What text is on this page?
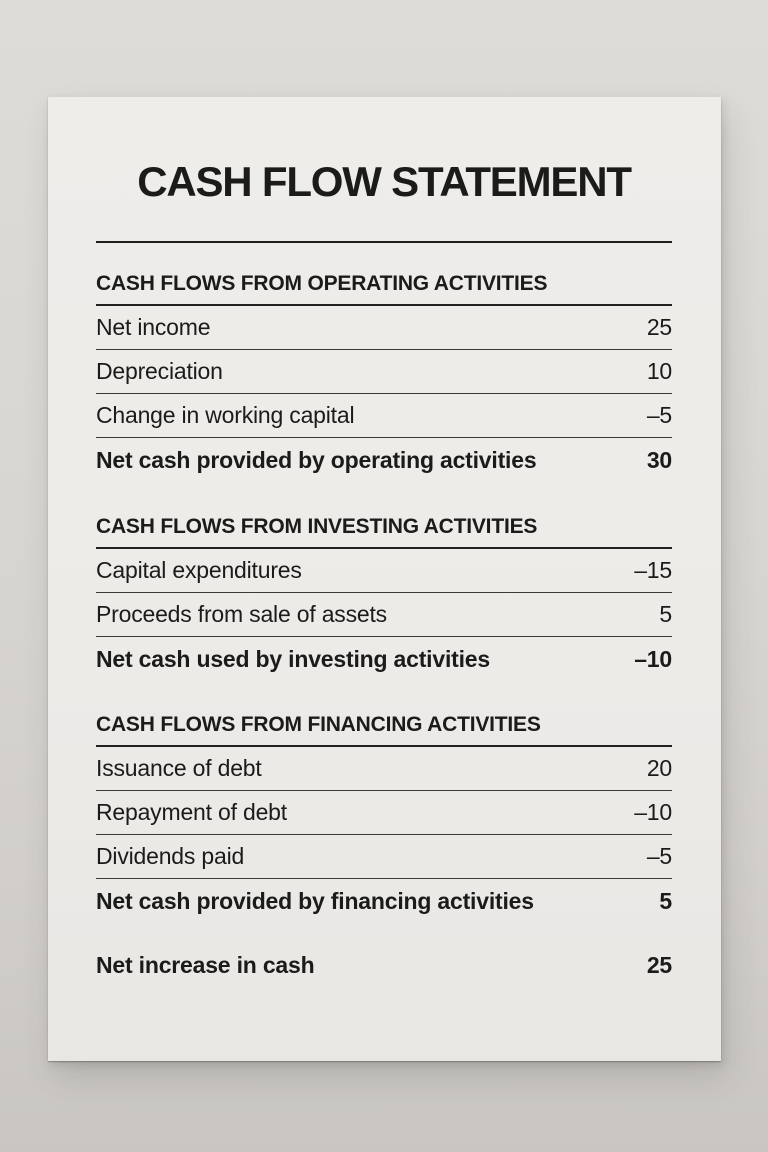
CASH FLOW STATEMENT
CASH FLOWS FROM OPERATING ACTIVITIES
Net income	25
Depreciation	10
Change in working capital	–5
Net cash provided by operating activities	30
CASH FLOWS FROM INVESTING ACTIVITIES
Capital expenditures	–15
Proceeds from sale of assets	5
Net cash used by investing activities	–10
CASH FLOWS FROM FINANCING ACTIVITIES
Issuance of debt	20
Repayment of debt	–10
Dividends paid	–5
Net cash provided by financing activities	5
Net increase in cash	25
